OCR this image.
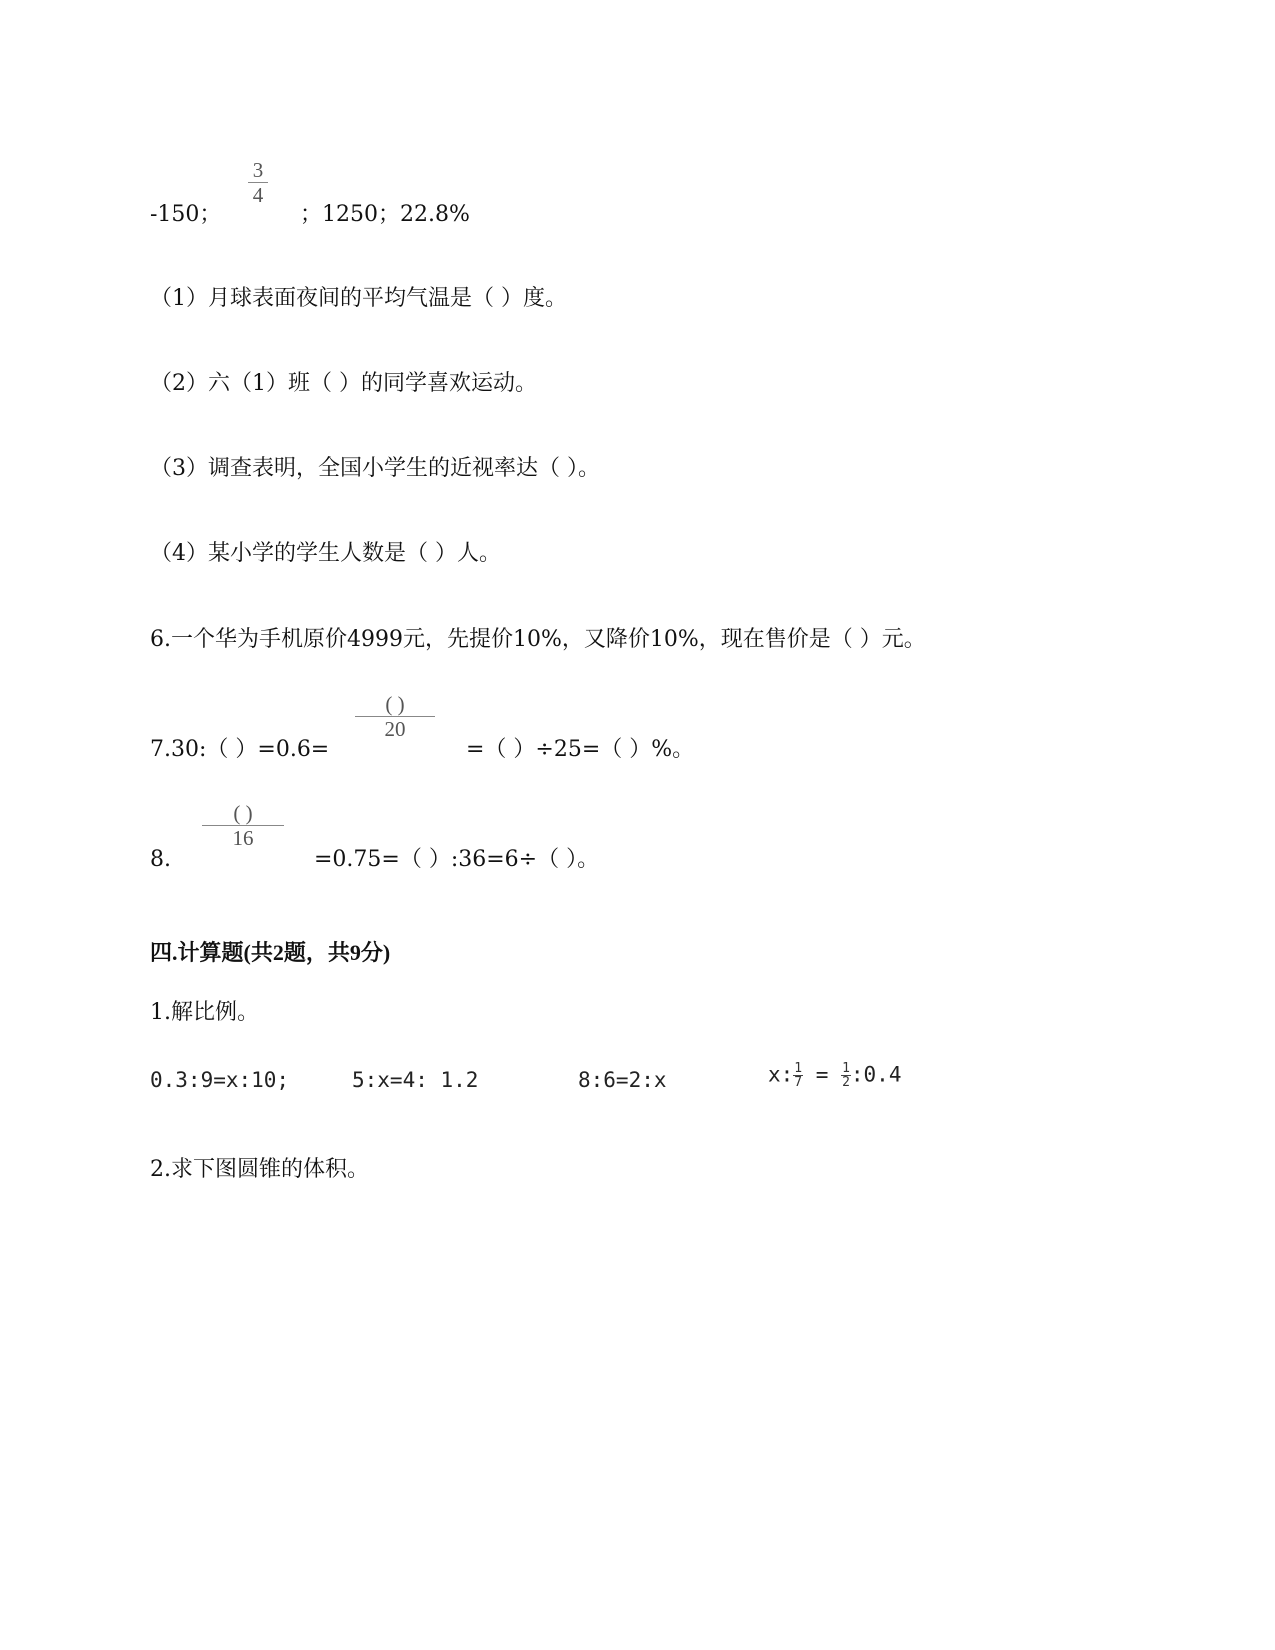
-150；
3
4
；1250；22.8%
（1）月球表面夜间的平均气温是（ ）度。
（2）六（1）班（ ）的同学喜欢运动。
（3）调查表明，全国小学生的近视率达（ ）。
（4）某小学的学生人数是（ ）人。
6.一个华为手机原价4999元，先提价10%，又降价10%，现在售价是（ ）元。
7.30:（ ）=0.6=
( )
20
=（ ）÷25=（ ）%。
8.
( )
16
=0.75=（ ）:36=6÷（ ）。
四.计算题(共2题，共9分)
1.解比例。
0.3:9=x:10;	5:x=4: 1.2	8:6=2:x	x: $\frac{1}{7} = \frac{1}{2}$ :0.4
2.求下图圆锥的体积。
